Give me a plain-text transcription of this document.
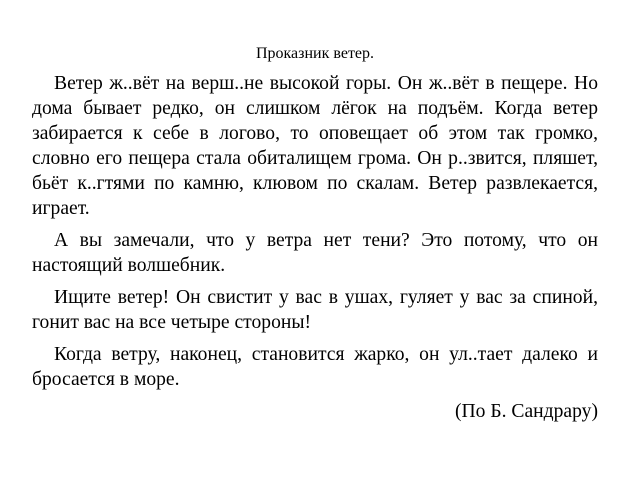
Проказник ветер.

Ветер ж..вёт на верш..не высокой горы. Он ж..вёт в пещере. Но дома бывает редко, он слишком лёгок на подъём. Когда ветер забирается к себе в логово, то оповещает об этом так громко, словно его пещера стала обиталищем грома. Он р..звится, пляшет, бьёт к..гтями по камню, клювом по скалам. Ветер развлекается, играет.

А вы замечали, что у ветра нет тени? Это потому, что он настоящий волшебник.

Ищите ветер! Он свистит у вас в ушах, гуляет у вас за спиной, гонит вас на все четыре стороны!

Когда ветру, наконец, становится жарко, он ул..тает далеко и бросается в море.

(По Б. Сандрару)
